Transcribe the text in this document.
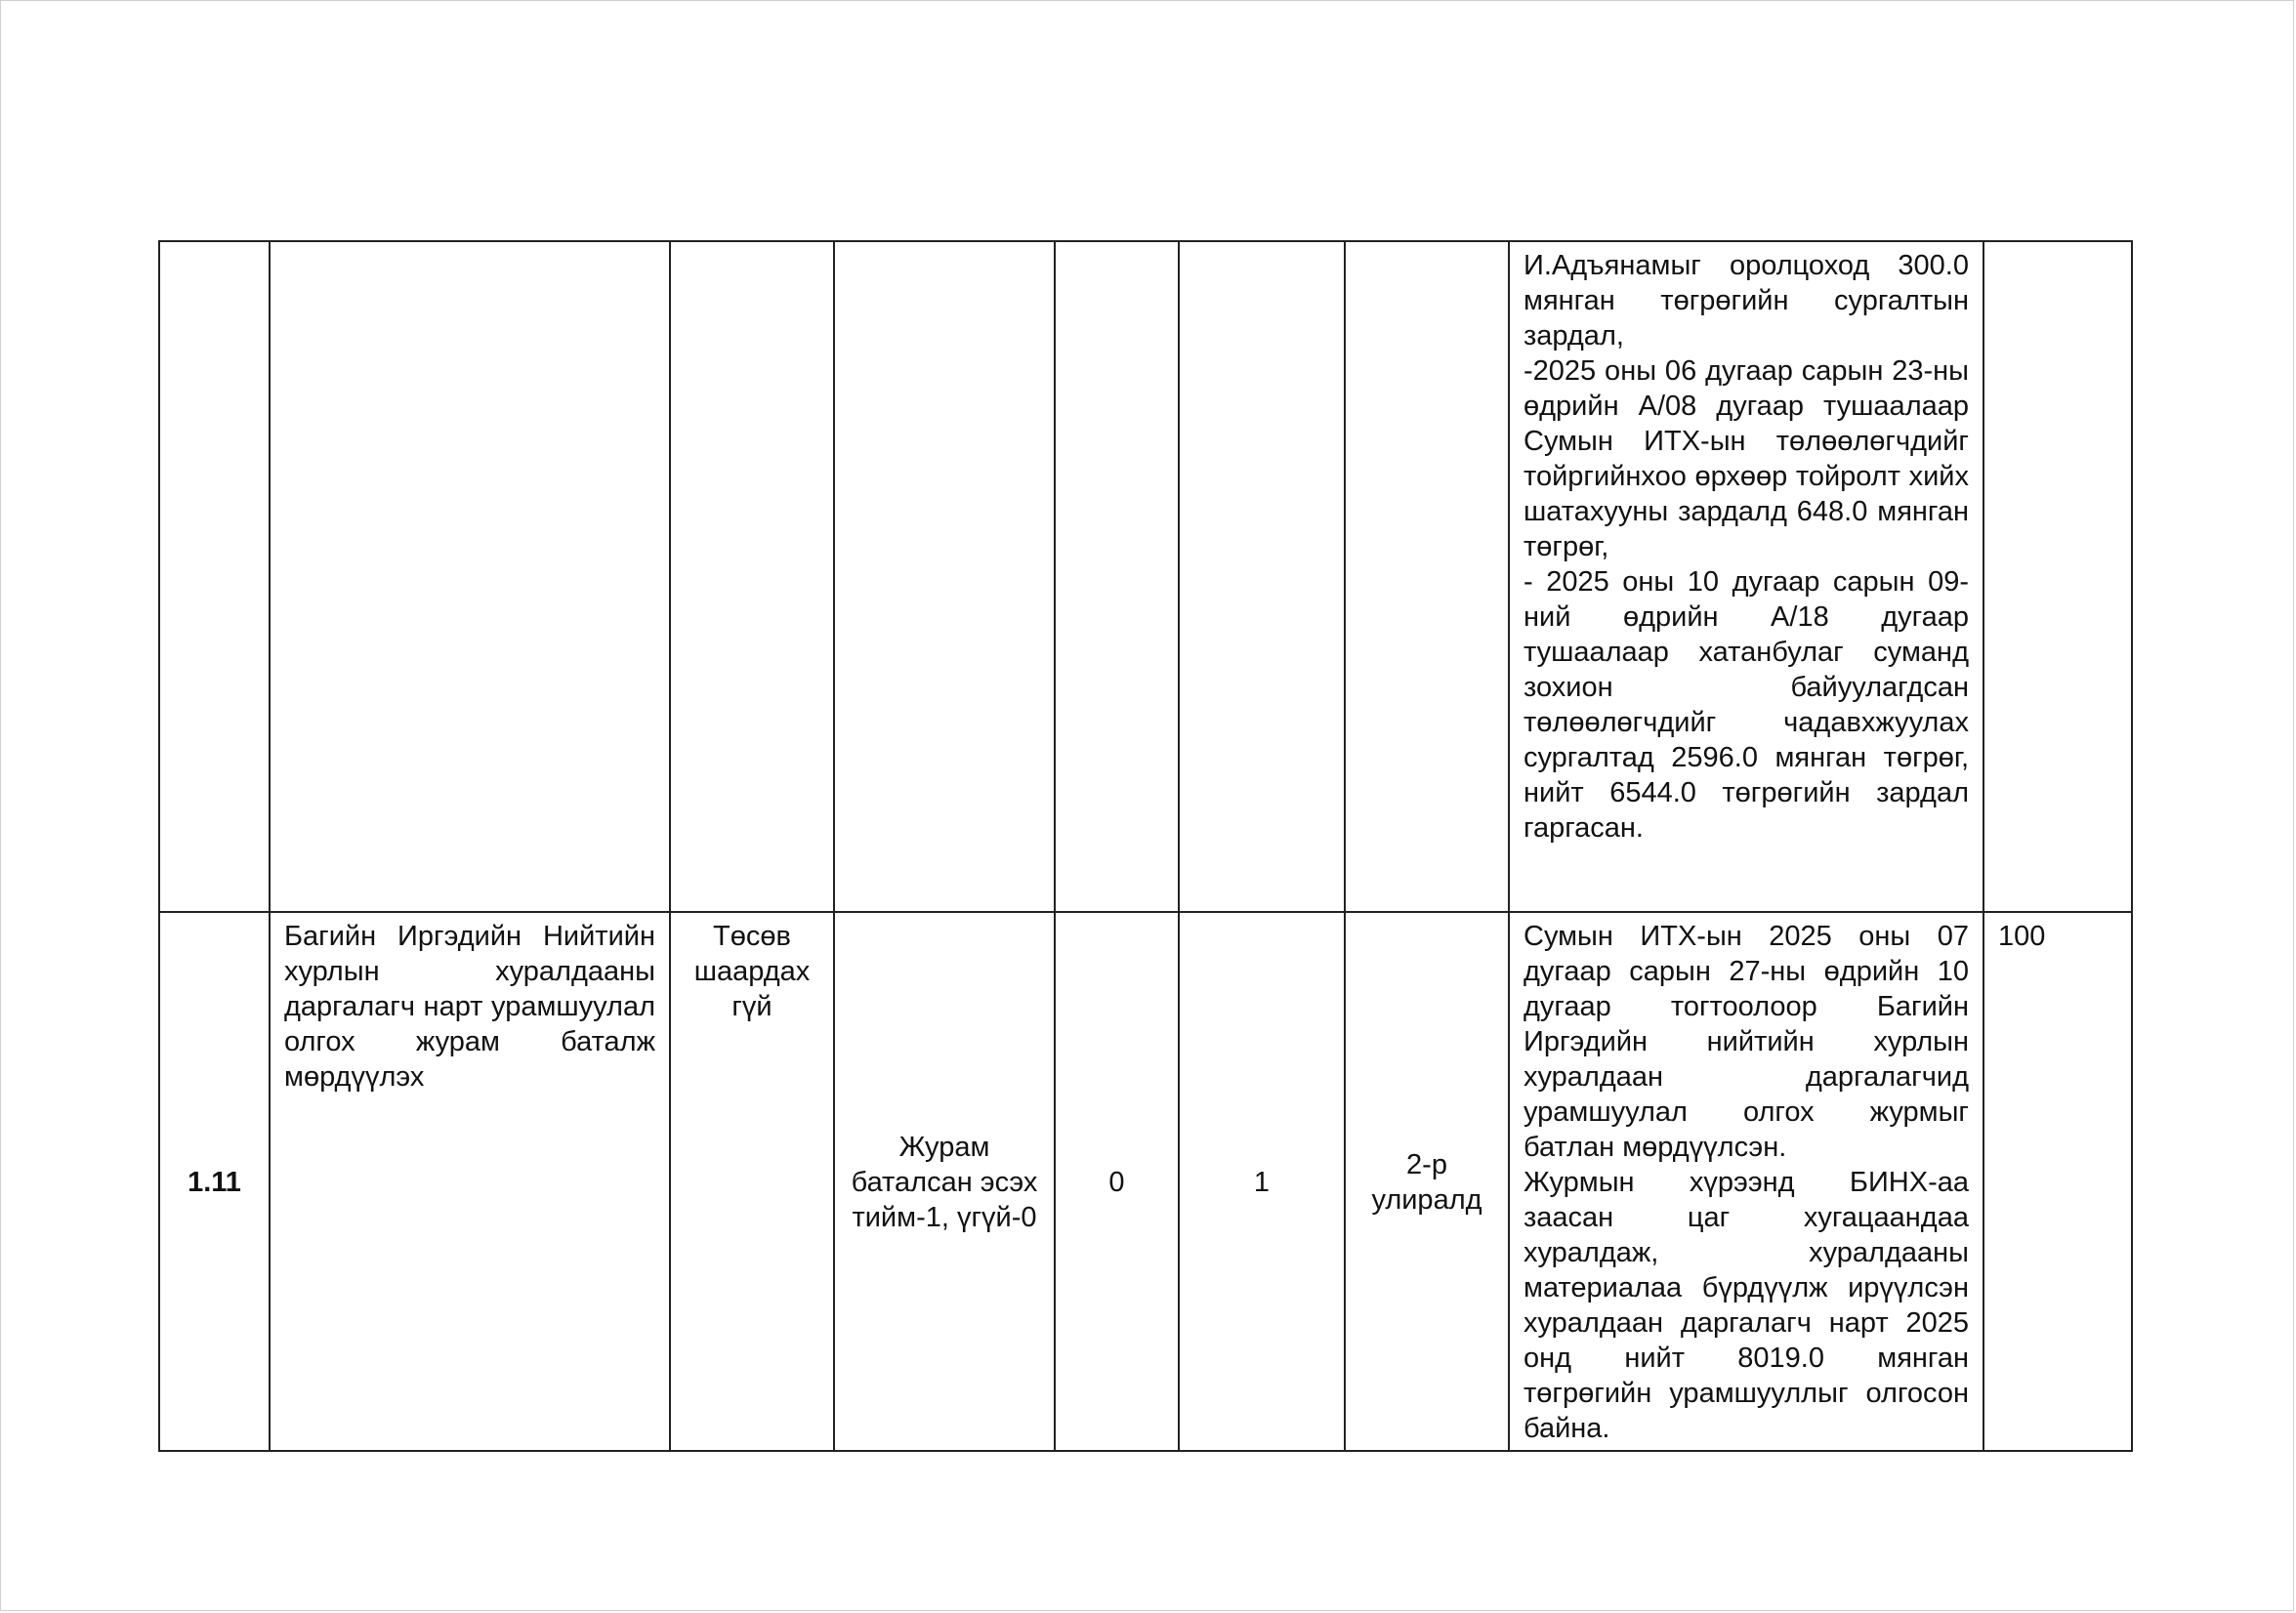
							И.Адъянамыг оролцоход 300.0 мянган төгрөгийн сургалтын зардал,
-2025 оны 06 дугаар сарын 23-ны өдрийн А/08 дугаар тушаалаар Сумын ИТХ-ын төлөөлөгчдийг тойргийнхоо өрхөөр тойролт хийх шатахууны зардалд 648.0 мянган төгрөг,
- 2025 оны 10 дугаар сарын 09-ний өдрийн А/18 дугаар тушаалаар хатанбулаг суманд зохион байуулагдсан төлөөлөгчдийг чадавхжуулах сургалтад 2596.0 мянган төгрөг, нийт 6544.0 төгрөгийн зардал гаргасан.	
1.11	Багийн Иргэдийн Нийтийн хурлын хуралдааны даргалагч нарт урамшуулал олгох журам баталж мөрдүүлэх	Төсөв шаардах гүй	Журам баталсан эсэх тийм-1, үгүй-0	0	1	2-р улиралд	Сумын ИТХ-ын 2025 оны 07 дугаар сарын 27-ны өдрийн 10 дугаар тогтоолоор Багийн Иргэдийн нийтийн хурлын хуралдаан даргалагчид урамшуулал олгох журмыг батлан мөрдүүлсэн.
Журмын хүрээнд БИНХ-аа заасан цаг хугацаандаа хуралдаж, хуралдааны материалаа бүрдүүлж ирүүлсэн хуралдаан даргалагч нарт 2025 онд нийт 8019.0 мянган төгрөгийн урамшууллыг олгосон байна.	100
